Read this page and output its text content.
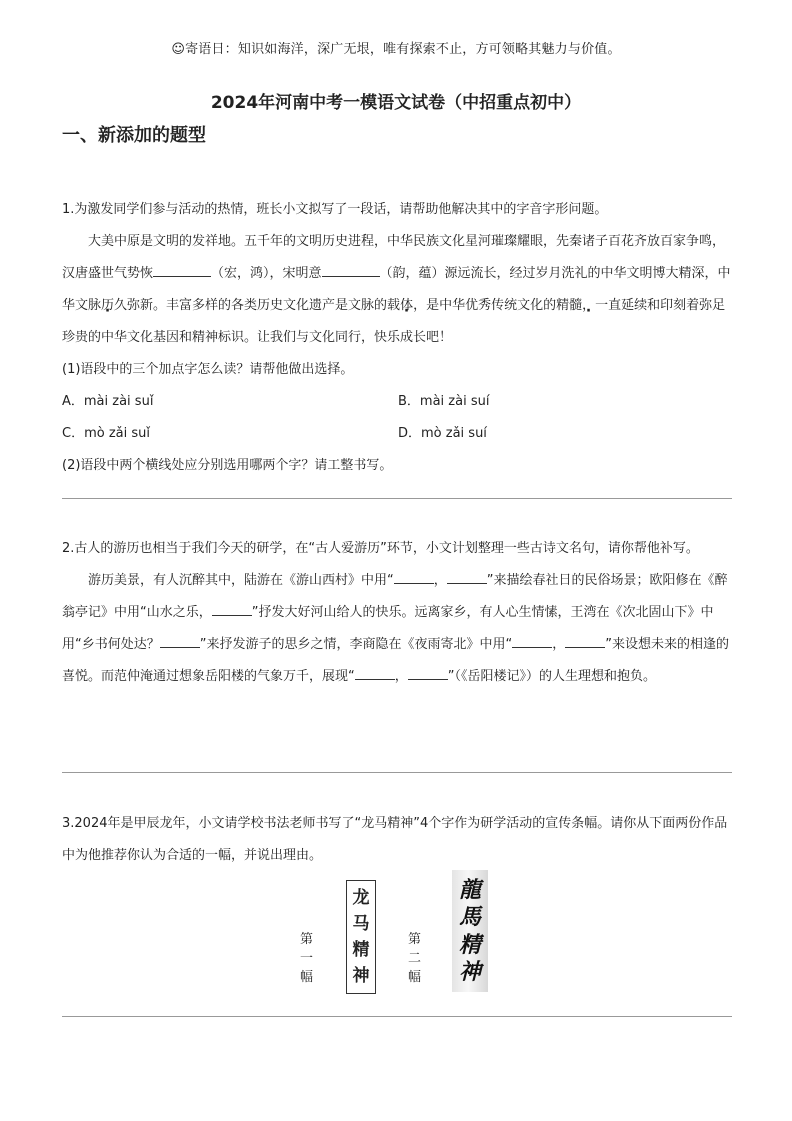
☺寄语日：知识如海洋，深广无垠，唯有探索不止，方可领略其魅力与价值。
2024年河南中考一模语文试卷（中招重点初中）
一、新添加的题型

1.为激发同学们参与活动的热情，班长小文拟写了一段话，请帮助他解决其中的字音字形问题。

大美中原是文明的发祥地。五千年的文明历史进程，中华民族文化星河璀璨耀眼，先秦诸子百花齐放百家争鸣，汉唐盛世气势恢	（宏，鸿），宋明意	（韵，蕴）源远流长，经过岁月洗礼的中华文明博大精深，中华文脉历久弥新。丰富多样的各类历史文化遗产是文脉的载体，是中华优秀传统文化的精髓，一直延续和印刻着弥足珍贵的中华文化基因和精神标识。让我们与文化同行，快乐成长吧！

(1)语段中的三个加点字怎么读？请帮他做出选择。

A．mài zài suǐ	B．mài zài suí
C．mò zǎi suǐ	D．mò zǎi suí

(2)语段中两个横线处应分别选用哪两个字？请工整书写。

2.古人的游历也相当于我们今天的研学，在“古人爱游历”环节，小文计划整理一些古诗文名句，请你帮他补写。

游历美景，有人沉醉其中，陆游在《游山西村》中用“	，	”来描绘春社日的民俗场景；欧阳修在《醉翁亭记》中用“山水之乐，	”抒发大好河山给人的快乐。远离家乡，有人心生情愫，王湾在《次北固山下》中用“乡书何处达？	”来抒发游子的思乡之情，李商隐在《夜雨寄北》中用“	，	”来设想未来的相逢的喜悦。而范仲淹通过想象岳阳楼的气象万千，展现“	，	”（《岳阳楼记》）的人生理想和抱负。

3.2024年是甲辰龙年，小文请学校书法老师书写了“龙马精神”4个字作为研学活动的宣传条幅。请你从下面两份作品中为他推荐你认为合适的一幅，并说出理由。

第一幅
龙
马
精
神
第二幅
龍
馬
精
神
